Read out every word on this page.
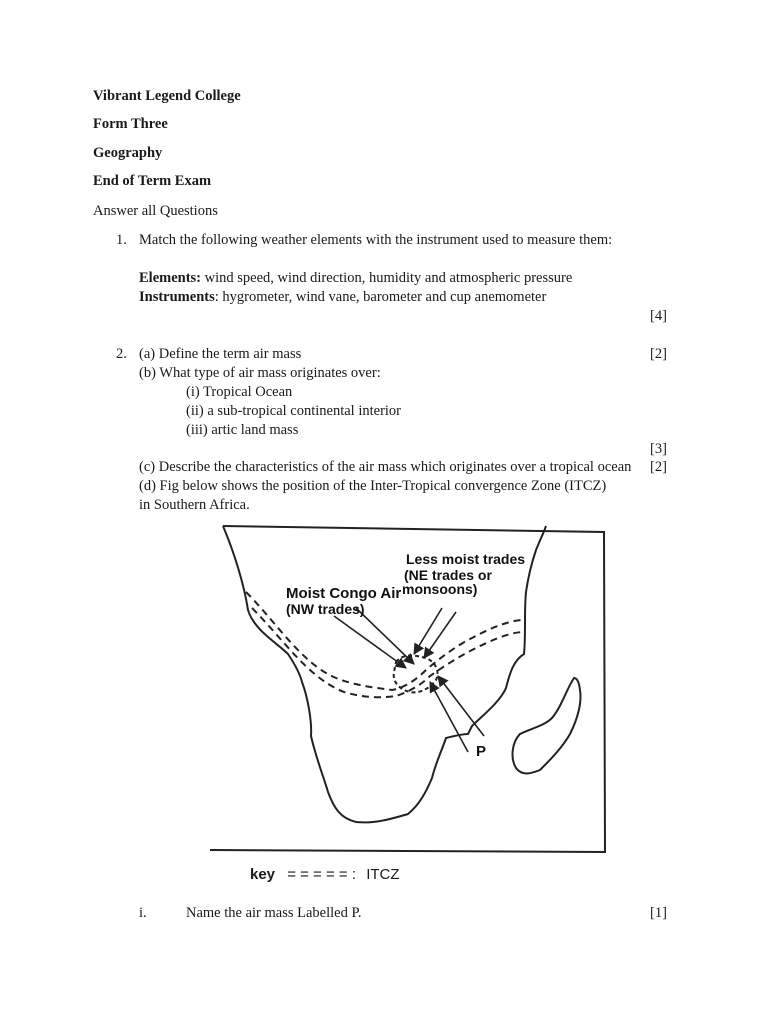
Vibrant Legend College
Form Three
Geography
End of Term Exam
Answer all Questions
1. Match the following weather elements with the instrument used to measure them:
Elements: wind speed, wind direction, humidity and atmospheric pressure
Instruments: hygrometer, wind vane, barometer and cup anemometer
[4]
2. (a) Define the term air mass	[2]
(b) What type of air mass originates over:
(i) Tropical Ocean
(ii) a sub-tropical continental interior
(iii) artic land mass
[3]
(c) Describe the characteristics of the air mass which originates over a tropical ocean [2]
(d) Fig below shows the position of the Inter-Tropical convergence Zone (ITCZ)
in Southern Africa.
Less moist trades
(NE trades or
monsoons)
Moist Congo Air
(NW trades)
P
key = = = = = : ITCZ
i.	Name the air mass Labelled P.	[1]
